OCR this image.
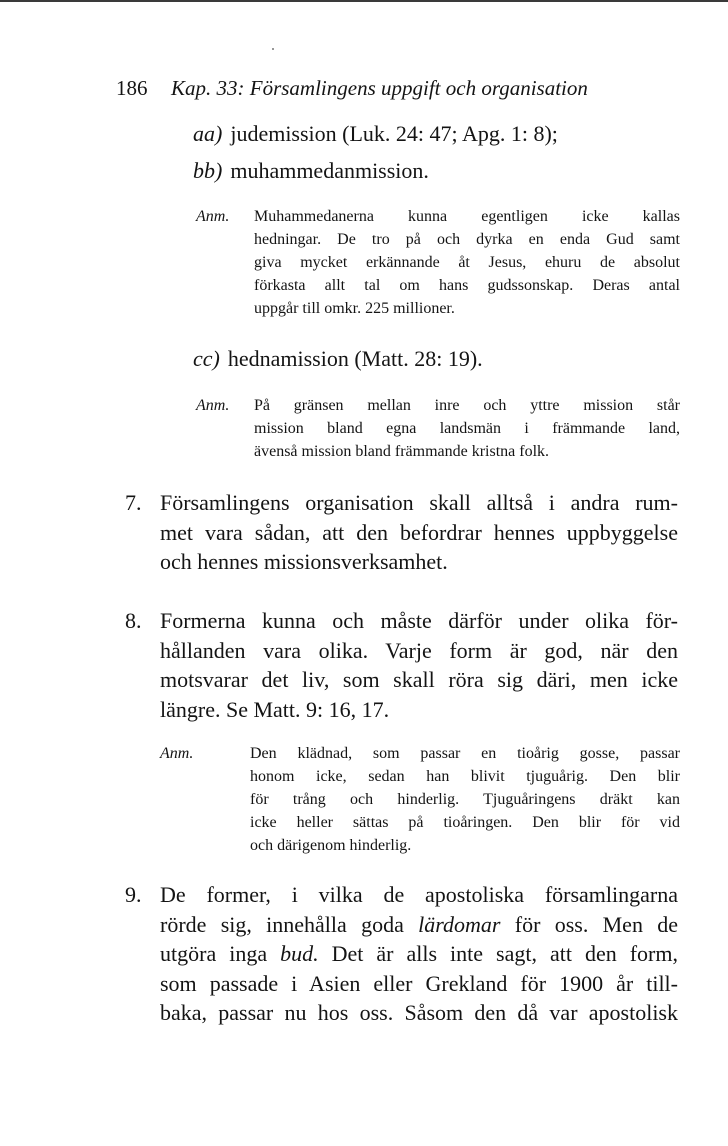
186 Kap. 33: Församlingens uppgift och organisation
aa) judemission (Luk. 24: 47; Apg. 1: 8);
bb) muhammedanmission.
Anm. Muhammedanerna kunna egentligen icke kallas
hedningar. De tro på och dyrka en enda Gud samt
giva mycket erkännande åt Jesus, ehuru de absolut
förkasta allt tal om hans gudssonskap. Deras antal
uppgår till omkr. 225 millioner.
cc) hednamission (Matt. 28: 19).
Anm. På gränsen mellan inre och yttre mission står
mission bland egna landsmän i främmande land,
ävenså mission bland främmande kristna folk.
7. Församlingens organisation skall alltså i andra rum-
met vara sådan, att den befordrar hennes uppbyggelse
och hennes missionsverksamhet.
8. Formerna kunna och måste därför under olika för-
hållanden vara olika. Varje form är god, när den
motsvarar det liv, som skall röra sig däri, men icke
längre. Se Matt. 9: 16, 17.
Anm.	Den klädnad, som passar en tioårig gosse, passar
honom icke, sedan han blivit tjuguårig. Den blir
för trång och hinderlig. Tjuguåringens dräkt kan
icke heller sättas på tioåringen. Den blir för vid
och därigenom hinderlig.
9. De former, i vilka de apostoliska församlingarna
rörde sig, innehålla goda lärdomar för oss. Men de
utgöra inga bud. Det är alls inte sagt, att den form,
som passade i Asien eller Grekland för 1900 år till-
baka, passar nu hos oss. Såsom den då var apostolisk
